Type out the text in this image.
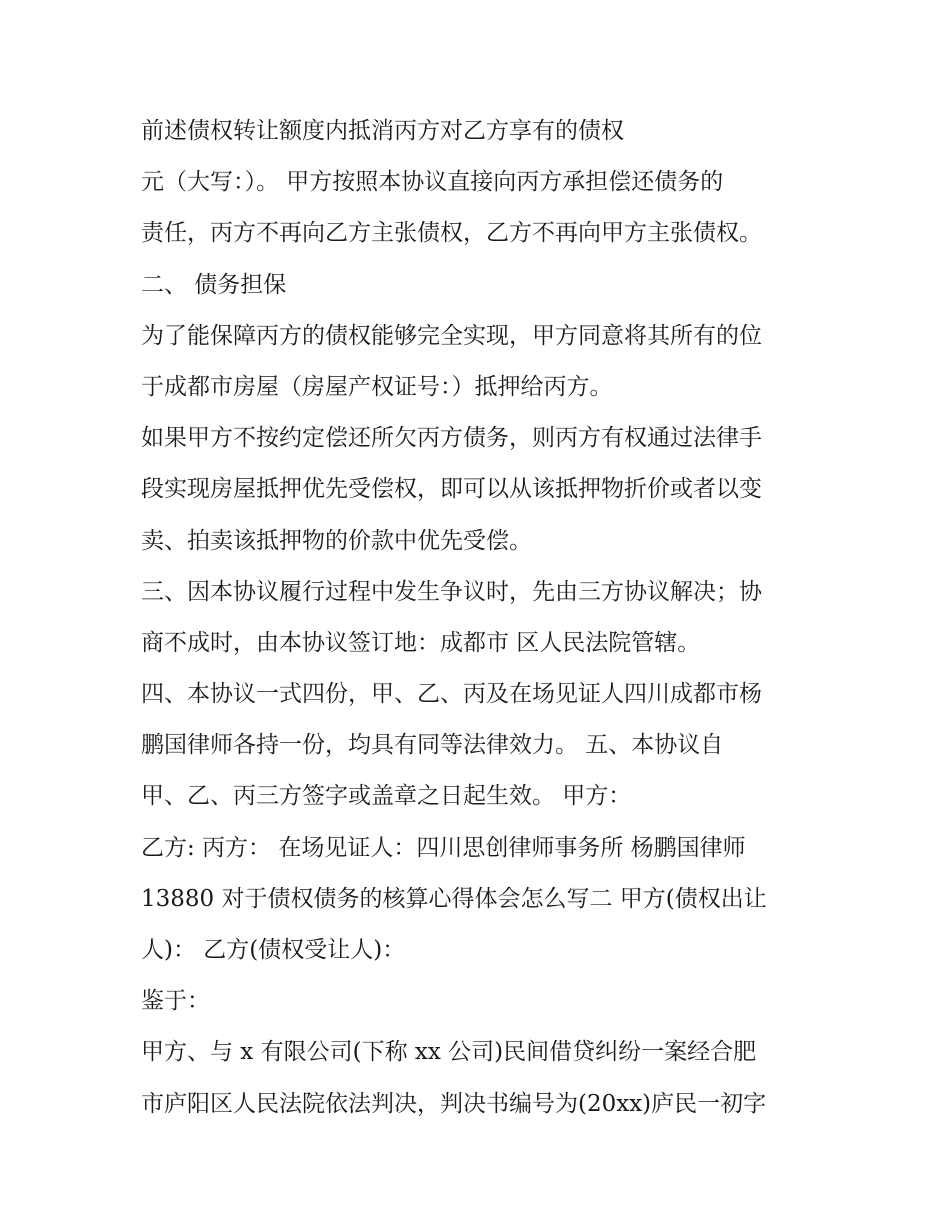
前述债权转让额度内抵消丙方对乙方享有的债权
元（大写：）。 甲方按照本协议直接向丙方承担偿还债务的
责任，丙方不再向乙方主张债权，乙方不再向甲方主张债权。
二、 债务担保
为了能保障丙方的债权能够完全实现，甲方同意将其所有的位
于成都市房屋（房屋产权证号：）抵押给丙方。
如果甲方不按约定偿还所欠丙方债务，则丙方有权通过法律手
段实现房屋抵押优先受偿权，即可以从该抵押物折价或者以变
卖、拍卖该抵押物的价款中优先受偿。
三、因本协议履行过程中发生争议时，先由三方协议解决；协
商不成时，由本协议签订地：成都市 区人民法院管辖。
四、本协议一式四份，甲、乙、丙及在场见证人四川成都市杨
鹏国律师各持一份，均具有同等法律效力。 五、本协议自
甲、乙、丙三方签字或盖章之日起生效。 甲方：
乙方: 丙方： 在场见证人：四川思创律师事务所 杨鹏国律师
13880 对于债权债务的核算心得体会怎么写二 甲方(债权出让
人)： 乙方(债权受让人)：
鉴于：
甲方、与 x 有限公司(下称 xx 公司)民间借贷纠纷一案经合肥
市庐阳区人民法院依法判决，判决书编号为(20xx)庐民一初字
